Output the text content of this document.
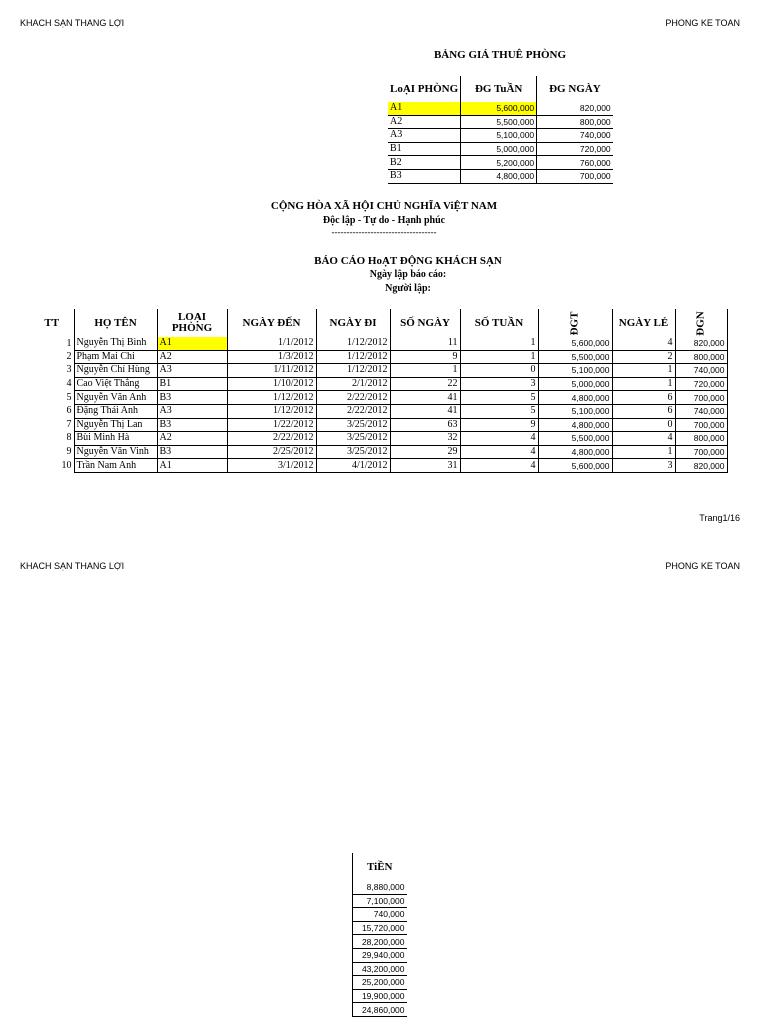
KHACH SẠN THANG LỢI	PHONG KE TOAN
BẢNG GIÁ THUÊ PHÒNG
LoẠI PHÒNG	ĐG TuẦN	ĐG NGÀY
A1	5,600,000	820,000
A2	5,500,000	800,000
A3	5,100,000	740,000
B1	5,000,000	720,000
B2	5,200,000	760,000
B3	4,800,000	700,000
CỘNG HÒA XÃ HỘI CHỦ NGHĨA ViỆT NAM
Độc lập - Tự do - Hạnh phúc
-----------------------------------
BÁO CÁO HoẠT ĐỘNG KHÁCH SẠN
Ngày lập báo cáo:
Người lập:
TT	HỌ TÊN	LOẠI PHÒNG	NGÀY ĐẾN	NGÀY ĐI	SỐ NGÀY	SỐ TUẦN	ĐGT	NGÀY LẺ	ĐGN
1	Nguyễn Thị Bình	A1	1/1/2012	1/12/2012	11	1	5,600,000	4	820,000
2	Phạm Mai Chi	A2	1/3/2012	1/12/2012	9	1	5,500,000	2	800,000
3	Nguyễn Chí Hùng	A3	1/11/2012	1/12/2012	1	0	5,100,000	1	740,000
4	Cao Việt Thắng	B1	1/10/2012	2/1/2012	22	3	5,000,000	1	720,000
5	Nguyễn Văn Anh	B3	1/12/2012	2/22/2012	41	5	4,800,000	6	700,000
6	Đặng Thái Anh	A3	1/12/2012	2/22/2012	41	5	5,100,000	6	740,000
7	Nguyễn Thị Lan	B3	1/22/2012	3/25/2012	63	9	4,800,000	0	700,000
8	Bùi Minh Hà	A2	2/22/2012	3/25/2012	32	4	5,500,000	4	800,000
9	Nguyễn Văn Vinh	B3	2/25/2012	3/25/2012	29	4	4,800,000	1	700,000
10	Trần Nam Anh	A1	3/1/2012	4/1/2012	31	4	5,600,000	3	820,000
Trang1/16
KHACH SẠN THANG LỢI	PHONG KE TOAN
TiỀN
8,880,000
7,100,000
740,000
15,720,000
28,200,000
29,940,000
43,200,000
25,200,000
19,900,000
24,860,000
